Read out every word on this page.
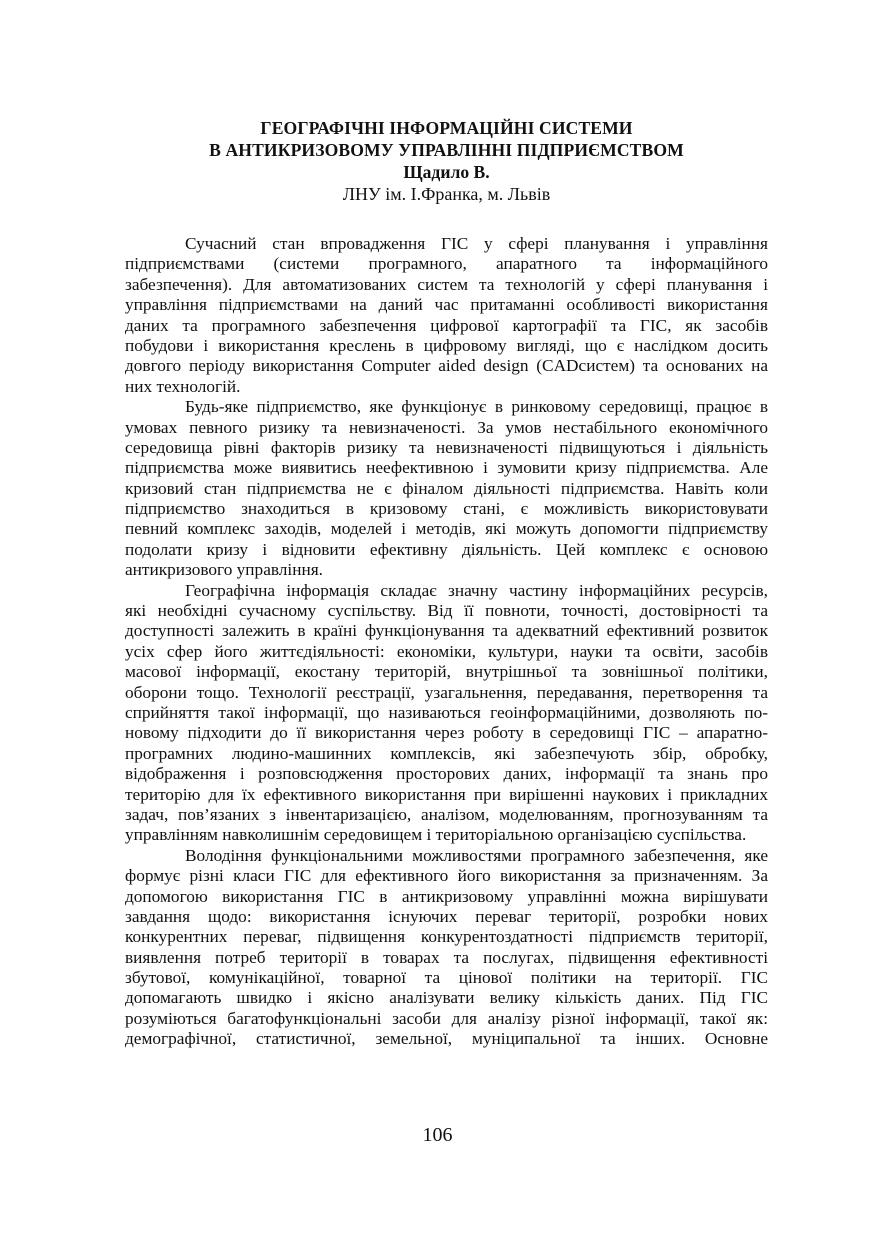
ГЕОГРАФІЧНІ ІНФОРМАЦІЙНІ СИСТЕМИ
В АНТИКРИЗОВОМУ УПРАВЛІННІ ПІДПРИЄМСТВОМ
Щадило В.
ЛНУ ім. І.Франка, м. Львів

Сучасний стан впровадження ГІС у сфері планування і управління
підприємствами (системи програмного, апаратного та інформаційного
забезпечення). Для автоматизованих систем та технологій у сфері планування і
управління підприємствами на даний час притаманні особливості використання
даних та програмного забезпечення цифрової картографії та ГІС, як засобів
побудови і використання креслень в цифровому вигляді, що є наслідком досить
довгого періоду використання Computer aided design (CADсистем) та основаних на
них технологій.

Будь-яке підприємство, яке функціонує в ринковому середовищі, працює в
умовах певного ризику та невизначеності. За умов нестабільного економічного
середовища рівні факторів ризику та невизначеності підвищуються і діяльність
підприємства може виявитись неефективною і зумовити кризу підприємства. Але
кризовий стан підприємства не є фіналом діяльності підприємства. Навіть коли
підприємство знаходиться в кризовому стані, є можливість використовувати
певний комплекс заходів, моделей і методів, які можуть допомогти підприємству
подолати кризу і відновити ефективну діяльність. Цей комплекс є основою
антикризового управління.

Географічна інформація складає значну частину інформаційних ресурсів,
які необхідні сучасному суспільству. Від її повноти, точності, достовірності та
доступності залежить в країні функціонування та адекватний ефективний розвиток
усіх сфер його життєдіяльності: економіки, культури, науки та освіти, засобів
масової інформації, екостану територій, внутрішньої та зовнішньої політики,
оборони тощо. Технології реєстрації, узагальнення, передавання, перетворення та
сприйняття такої інформації, що називаються геоінформаційними, дозволяють по-
новому підходити до її використання через роботу в середовищі ГІС – апаратно-
програмних людино-машинних комплексів, які забезпечують збір, обробку,
відображення і розповсюдження просторових даних, інформації та знань про
територію для їх ефективного використання при вирішенні наукових і прикладних
задач, пов’язаних з інвентаризацією, аналізом, моделюванням, прогнозуванням та
управлінням навколишнім середовищем і територіальною організацією суспільства.

Володіння функціональними можливостями програмного забезпечення, яке
формує різні класи ГІС для ефективного його використання за призначенням. За
допомогою використання ГІС в антикризовому управлінні можна вирішувати
завдання щодо: використання існуючих переваг території, розробки нових
конкурентних переваг, підвищення конкурентоздатності підприємств території,
виявлення потреб території в товарах та послугах, підвищення ефективності
збутової, комунікаційної, товарної та цінової політики на території. ГІС
допомагають швидко і якісно аналізувати велику кількість даних. Під ГІС
розуміються багатофункціональні засоби для аналізу різної інформації, такої як:
демографічної, статистичної, земельної, муніципальної та інших. Основне

106
